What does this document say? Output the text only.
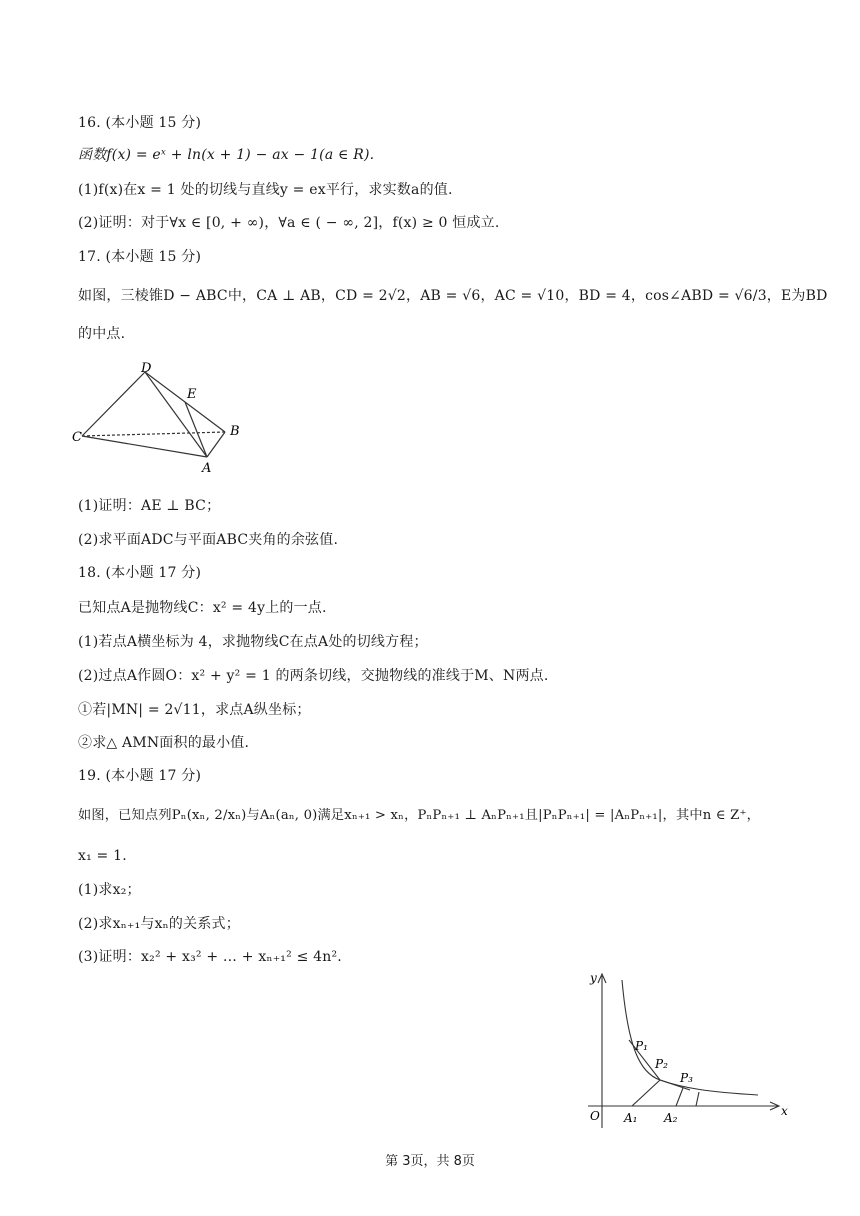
16. (本小题 15 分)
函数f(x) = eˣ + ln(x + 1) − ax − 1(a ∈ R).
(1)f(x)在x = 1 处的切线与直线y = ex平行，求实数a的值.
(2)证明：对于∀x ∈ [0, + ∞)，∀a ∈ ( − ∞, 2]，f(x) ≥ 0 恒成立.
17. (本小题 15 分)
如图，三棱锥D − ABC中，CA ⊥ AB，CD = 2√2，AB = √6，AC = √10，BD = 4，cos∠ABD = √6/3，E为BD
的中点.
D
E
C	B
A
(1)证明：AE ⊥ BC；
(2)求平面ADC与平面ABC夹角的余弦值.
18. (本小题 17 分)
已知点A是抛物线C：x² = 4y上的一点.
(1)若点A横坐标为 4，求抛物线C在点A处的切线方程；
(2)过点A作圆O：x² + y² = 1 的两条切线，交抛物线的准线于M、N两点.
①若|MN| = 2√11，求点A纵坐标；
②求△ AMN面积的最小值.
19. (本小题 17 分)
如图，已知点列Pₙ(xₙ, 2/xₙ)与Aₙ(aₙ, 0)满足xₙ₊₁ > xₙ，PₙPₙ₊₁ ⊥ AₙPₙ₊₁且|PₙPₙ₊₁| = |AₙPₙ₊₁|，其中n ∈ Z⁺，
x₁ = 1.
(1)求x₂；
(2)求xₙ₊₁与xₙ的关系式；
(3)证明：x₂² + x₃² + … + xₙ₊₁² ≤ 4n².
y
x
O
P₁
P₂
P₃
A₁ A₂
第 3页，共 8页
